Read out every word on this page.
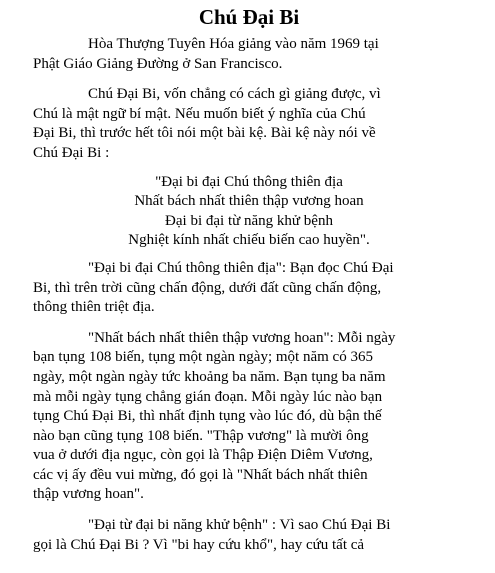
Chú Đại Bi
Hòa Thượng Tuyên Hóa giảng vào năm 1969 tại
Phật Giáo Giảng Đường ở San Francisco.
Chú Đại Bi, vốn chẳng có cách gì giảng được, vì
Chú là mật ngữ bí mật. Nếu muốn biết ý nghĩa của Chú
Đại Bi, thì trước hết tôi nói một bài kệ. Bài kệ này nói về
Chú Đại Bi :
"Đại bi đại Chú thông thiên địa
Nhất bách nhất thiên thập vương hoan
Đại bi đại từ năng khử bệnh
Nghiệt kính nhất chiếu biến cao huyền".
"Đại bi đại Chú thông thiên địa": Bạn đọc Chú Đại
Bi, thì trên trời cũng chấn động, dưới đất cũng chấn động,
thông thiên triệt địa.
"Nhất bách nhất thiên thập vương hoan": Mỗi ngày
bạn tụng 108 biến, tụng một ngàn ngày; một năm có 365
ngày, một ngàn ngày tức khoảng ba năm. Bạn tụng ba năm
mà mỗi ngày tụng chẳng gián đoạn. Mỗi ngày lúc nào bạn
tụng Chú Đại Bi, thì nhất định tụng vào lúc đó, dù bận thế
nào bạn cũng tụng 108 biến. "Thập vương" là mười ông
vua ở dưới địa ngục, còn gọi là Thập Điện Diêm Vương,
các vị ấy đều vui mừng, đó gọi là "Nhất bách nhất thiên
thập vương hoan".
"Đại từ đại bi năng khử bệnh" : Vì sao Chú Đại Bi
gọi là Chú Đại Bi ? Vì "bi hay cứu khổ", hay cứu tất cả
